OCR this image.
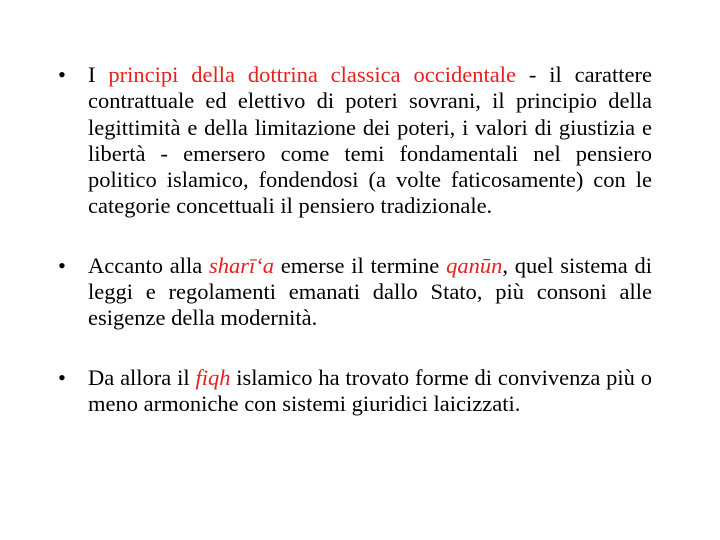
• I principi della dottrina classica occidentale - il carattere contrattuale ed elettivo di poteri sovrani, il principio della legittimità e della limitazione dei poteri, i valori di giustizia e libertà - emersero come temi fondamentali nel pensiero politico islamico, fondendosi (a volte faticosamente) con le categorie concettuali il pensiero tradizionale.
• Accanto alla sharī‘a emerse il termine qanūn, quel sistema di leggi e regolamenti emanati dallo Stato, più consoni alle esigenze della modernità.
• Da allora il fiqh islamico ha trovato forme di convivenza più o meno armoniche con sistemi giuridici laicizzati.
